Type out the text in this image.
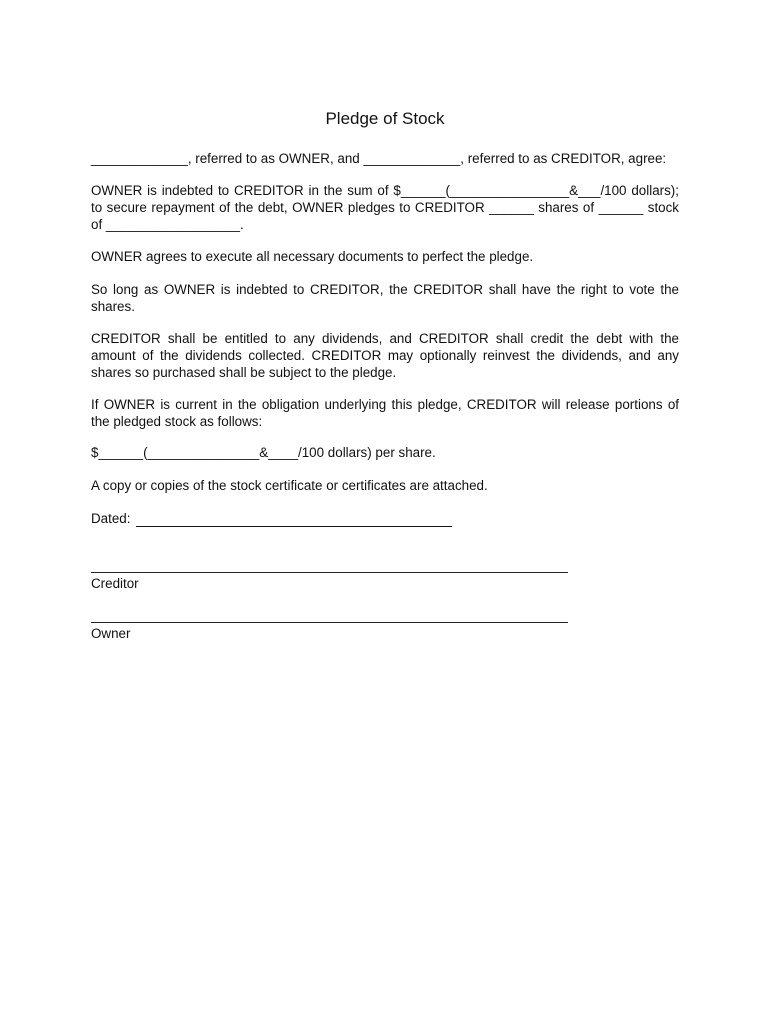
Pledge of Stock
_____________, referred to as OWNER, and _____________, referred to as CREDITOR, agree:
OWNER is indebted to CREDITOR in the sum of $______(________________&___/100 dollars);
to secure repayment of the debt, OWNER pledges to CREDITOR ______ shares of ______ stock
of __________________.
OWNER agrees to execute all necessary documents to perfect the pledge.
So long as OWNER is indebted to CREDITOR, the CREDITOR shall have the right to vote the
shares.
CREDITOR shall be entitled to any dividends, and CREDITOR shall credit the debt with the
amount of the dividends collected. CREDITOR may optionally reinvest the dividends, and any
shares so purchased shall be subject to the pledge.
If OWNER is current in the obligation underlying this pledge, CREDITOR will release portions of
the pledged stock as follows:
$______(_______________&____/100 dollars) per share.
A copy or copies of the stock certificate or certificates are attached.
Dated:
Creditor
Owner
